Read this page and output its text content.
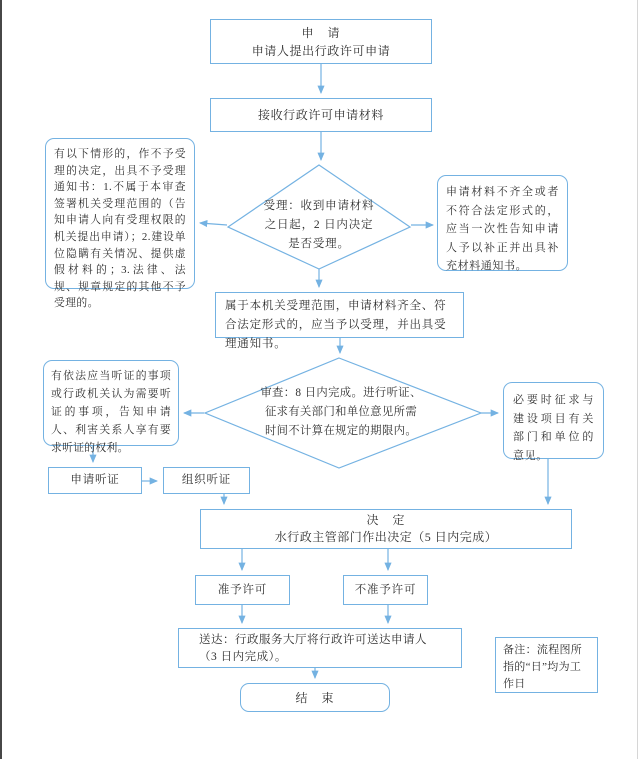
申　请
申请人提出行政许可申请
接收行政许可申请材料
受理：收到申请材料
之日起，2 日内决定
是否受理。
有以下情形的，作不予受理的决定，出具不予受理通知书：1.不属于本审查签署机关受理范围的（告知申请人向有受理权限的机关提出申请）；2.建设单位隐瞒有关情况、提供虚假材料的；3.法律、法规、规章规定的其他不予受理的。
申请材料不齐全或者不符合法定形式的，应当一次性告知申请人予以补正并出具补充材料通知书。
属于本机关受理范围，申请材料齐全、符合法定形式的，应当予以受理，并出具受理通知书。
审查：8 日内完成。进行听证、
征求有关部门和单位意见所需
时间不计算在规定的期限内。
有依法应当听证的事项或行政机关认为需要听证的事项，告知申请人、利害关系人享有要求听证的权利。
必要时征求与建设项目有关部门和单位的意见。
申请听证	组织听证
决　定
水行政主管部门作出决定（5 日内完成）
准予许可	不准予许可
送达：行政服务大厅将行政许可送达申请人
（3 日内完成）。
结　束
备注：流程图所指的“日”均为工作日
